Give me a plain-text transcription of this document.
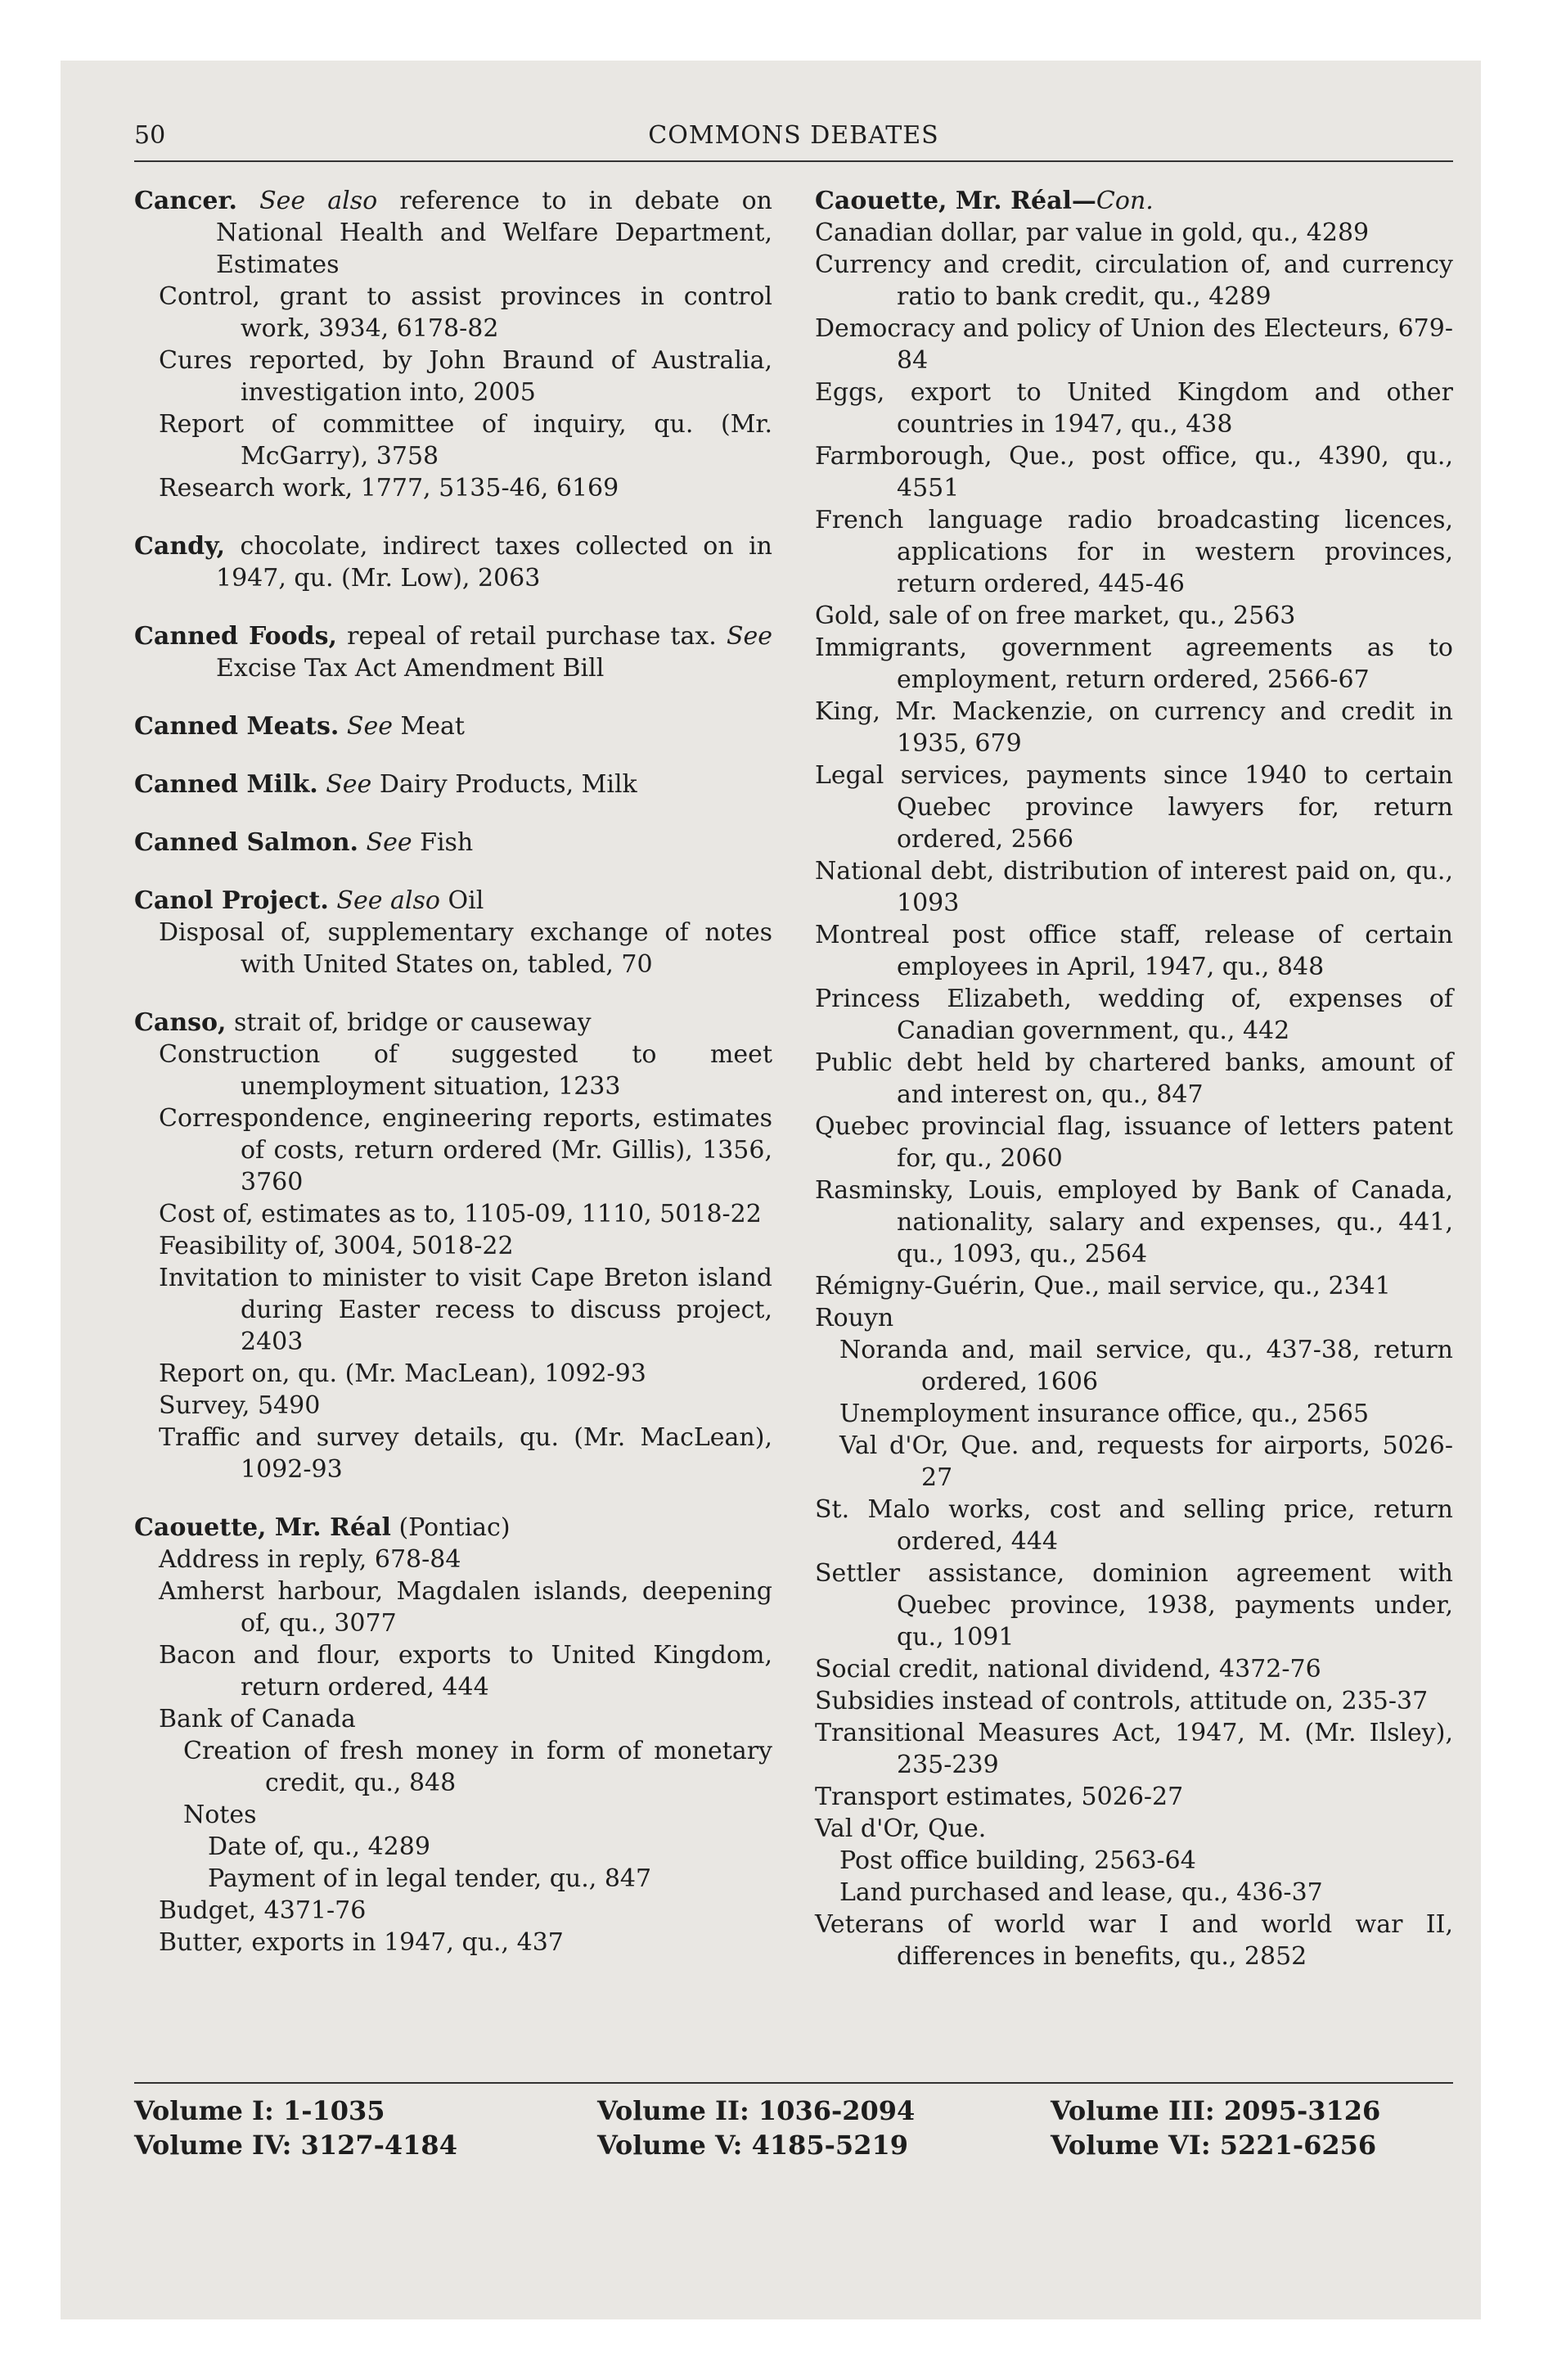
50	COMMONS DEBATES
Cancer. See also reference to in debate on National Health and Welfare Department, Estimates
Control, grant to assist provinces in control work, 3934, 6178-82
Cures reported, by John Braund of Australia, investigation into, 2005
Report of committee of inquiry, qu. (Mr. McGarry), 3758
Research work, 1777, 5135-46, 6169
Candy, chocolate, indirect taxes collected on in 1947, qu. (Mr. Low), 2063
Canned Foods, repeal of retail purchase tax. See Excise Tax Act Amendment Bill
Canned Meats. See Meat
Canned Milk. See Dairy Products, Milk
Canned Salmon. See Fish
Canol Project. See also Oil
Disposal of, supplementary exchange of notes with United States on, tabled, 70
Canso, strait of, bridge or causeway
Construction of suggested to meet unemployment situation, 1233
Correspondence, engineering reports, estimates of costs, return ordered (Mr. Gillis), 1356, 3760
Cost of, estimates as to, 1105-09, 1110, 5018-22
Feasibility of, 3004, 5018-22
Invitation to minister to visit Cape Breton island during Easter recess to discuss project, 2403
Report on, qu. (Mr. MacLean), 1092-93
Survey, 5490
Traffic and survey details, qu. (Mr. MacLean), 1092-93
Caouette, Mr. Réal (Pontiac)
Address in reply, 678-84
Amherst harbour, Magdalen islands, deepening of, qu., 3077
Bacon and flour, exports to United Kingdom, return ordered, 444
Bank of Canada
Creation of fresh money in form of monetary credit, qu., 848
Notes
Date of, qu., 4289
Payment of in legal tender, qu., 847
Budget, 4371-76
Butter, exports in 1947, qu., 437
Caouette, Mr. Réal—Con.
Canadian dollar, par value in gold, qu., 4289
Currency and credit, circulation of, and currency ratio to bank credit, qu., 4289
Democracy and policy of Union des Electeurs, 679-84
Eggs, export to United Kingdom and other countries in 1947, qu., 438
Farmborough, Que., post office, qu., 4390, qu., 4551
French language radio broadcasting licences, applications for in western provinces, return ordered, 445-46
Gold, sale of on free market, qu., 2563
Immigrants, government agreements as to employment, return ordered, 2566-67
King, Mr. Mackenzie, on currency and credit in 1935, 679
Legal services, payments since 1940 to certain Quebec province lawyers for, return ordered, 2566
National debt, distribution of interest paid on, qu., 1093
Montreal post office staff, release of certain employees in April, 1947, qu., 848
Princess Elizabeth, wedding of, expenses of Canadian government, qu., 442
Public debt held by chartered banks, amount of and interest on, qu., 847
Quebec provincial flag, issuance of letters patent for, qu., 2060
Rasminsky, Louis, employed by Bank of Canada, nationality, salary and expenses, qu., 441, qu., 1093, qu., 2564
Rémigny-Guérin, Que., mail service, qu., 2341
Rouyn
Noranda and, mail service, qu., 437-38, return ordered, 1606
Unemployment insurance office, qu., 2565
Val d'Or, Que. and, requests for airports, 5026-27
St. Malo works, cost and selling price, return ordered, 444
Settler assistance, dominion agreement with Quebec province, 1938, payments under, qu., 1091
Social credit, national dividend, 4372-76
Subsidies instead of controls, attitude on, 235-37
Transitional Measures Act, 1947, M. (Mr. Ilsley), 235-239
Transport estimates, 5026-27
Val d'Or, Que.
Post office building, 2563-64
Land purchased and lease, qu., 436-37
Veterans of world war I and world war II, differences in benefits, qu., 2852
Volume I: 1-1035	Volume II: 1036-2094	Volume III: 2095-3126
Volume IV: 3127-4184	Volume V: 4185-5219	Volume VI: 5221-6256
